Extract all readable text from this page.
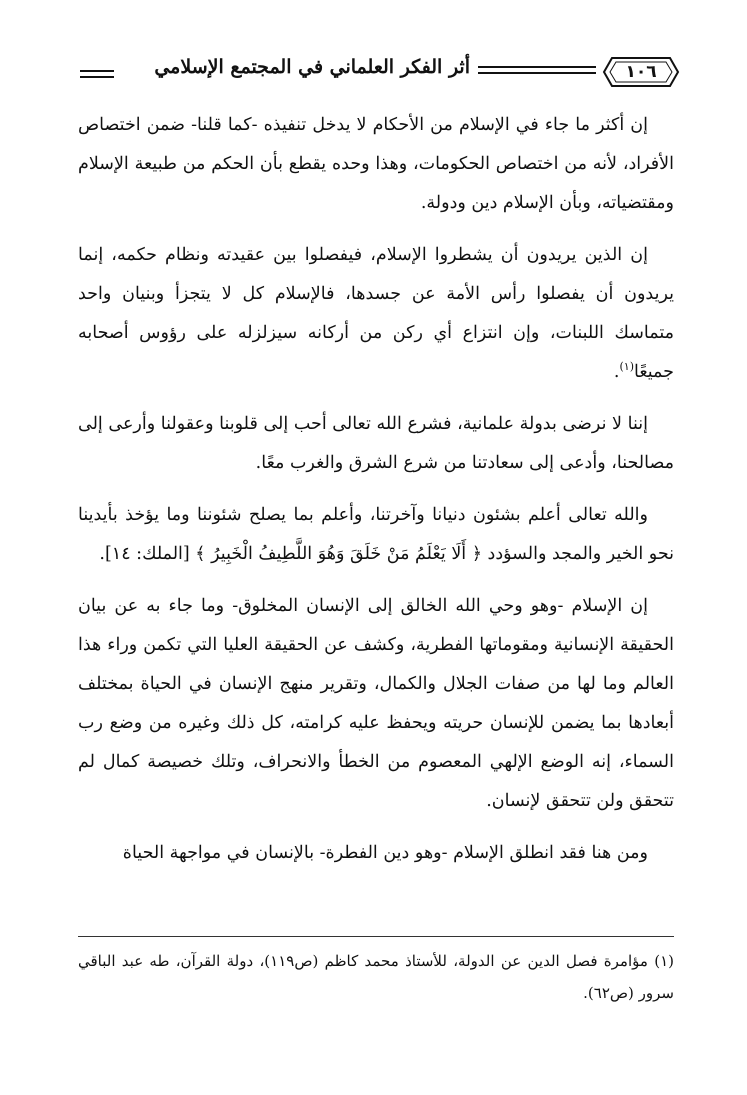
١٠٦
أثر الفكر العلماني في المجتمع الإسلامي

إن أكثر ما جاء في الإسلام من الأحكام لا يدخل تنفيذه -كما قلنا- ضمن اختصاص الأفراد، لأنه من اختصاص الحكومات، وهذا وحده يقطع بأن الحكم من طبيعة الإسلام ومقتضياته، وبأن الإسلام دين ودولة.

إن الذين يريدون أن يشطروا الإسلام، فيفصلوا بين عقيدته ونظام حكمه، إنما يريدون أن يفصلوا رأس الأمة عن جسدها، فالإسلام كل لا يتجزأ وبنيان واحد متماسك اللبنات، وإن انتزاع أي ركن من أركانه سيزلزله على رؤوس أصحابه جميعًا$^{(١)}$.

إننا لا نرضى بدولة علمانية، فشرع الله تعالى أحب إلى قلوبنا وعقولنا وأرعى إلى مصالحنا، وأدعى إلى سعادتنا من شرع الشرق والغرب معًا.

والله تعالى أعلم بشئون دنيانا وآخرتنا، وأعلم بما يصلح شئوننا وما يؤخذ بأيدينا نحو الخير والمجد والسؤدد ﴿ أَلَا يَعْلَمُ مَنْ خَلَقَ وَهُوَ اللَّطِيفُ الْخَبِيرُ ﴾ [الملك: ١٤].

إن الإسلام -وهو وحي الله الخالق إلى الإنسان المخلوق- وما جاء به عن بيان الحقيقة الإنسانية ومقوماتها الفطرية، وكشف عن الحقيقة العليا التي تكمن وراء هذا العالم وما لها من صفات الجلال والكمال، وتقرير منهج الإنسان في الحياة بمختلف أبعادها بما يضمن للإنسان حريته ويحفظ عليه كرامته، كل ذلك وغيره من وضع رب السماء، إنه الوضع الإلهي المعصوم من الخطأ والانحراف، وتلك خصيصة كمال لم تتحقق ولن تتحقق لإنسان.

ومن هنا فقد انطلق الإسلام -وهو دين الفطرة- بالإنسان في مواجهة الحياة

(١) مؤامرة فصل الدين عن الدولة، للأستاذ محمد كاظم (ص١١٩)، دولة القرآن، طه عبد الباقي سرور (ص٦٢).
